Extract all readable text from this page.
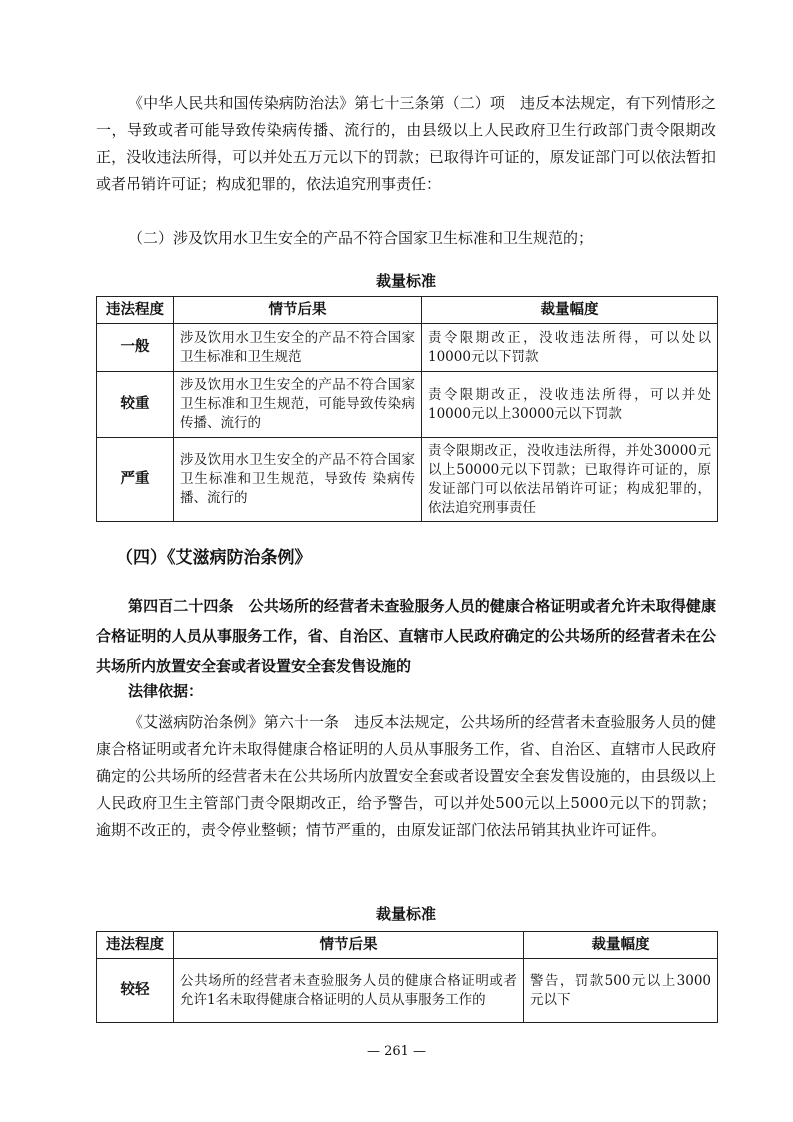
《中华人民共和国传染病防治法》第七十三条第（二）项　违反本法规定，有下列情形之一，导致或者可能导致传染病传播、流行的，由县级以上人民政府卫生行政部门责令限期改正，没收违法所得，可以并处五万元以下的罚款；已取得许可证的，原发证部门可以依法暂扣或者吊销许可证；构成犯罪的，依法追究刑事责任：

（二）涉及饮用水卫生安全的产品不符合国家卫生标准和卫生规范的；

裁量标准
违法程度	情节后果	裁量幅度
一般	涉及饮用水卫生安全的产品不符合国家卫生标准和卫生规范	责令限期改正，没收违法所得，可以处以10000元以下罚款
较重	涉及饮用水卫生安全的产品不符合国家卫生标准和卫生规范，可能导致传染病传播、流行的	责令限期改正，没收违法所得，可以并处10000元以上30000元以下罚款
严重	涉及饮用水卫生安全的产品不符合国家卫生标准和卫生规范，导致传 染病传播、流行的	责令限期改正，没收违法所得，并处30000元以上50000元以下罚款；已取得许可证的，原发证部门可以依法吊销许可证；构成犯罪的，依法追究刑事责任
（四）《艾滋病防治条例》

第四百二十四条　公共场所的经营者未查验服务人员的健康合格证明或者允许未取得健康合格证明的人员从事服务工作，省、自治区、直辖市人民政府确定的公共场所的经营者未在公共场所内放置安全套或者设置安全套发售设施的

法律依据：

《艾滋病防治条例》第六十一条　违反本法规定，公共场所的经营者未查验服务人员的健康合格证明或者允许未取得健康合格证明的人员从事服务工作，省、自治区、直辖市人民政府确定的公共场所的经营者未在公共场所内放置安全套或者设置安全套发售设施的，由县级以上人民政府卫生主管部门责令限期改正，给予警告，可以并处500元以上5000元以下的罚款；逾期不改正的，责令停业整顿；情节严重的，由原发证部门依法吊销其执业许可证件。

裁量标准
违法程度	情节后果	裁量幅度
较轻	公共场所的经营者未查验服务人员的健康合格证明或者允许1名未取得健康合格证明的人员从事服务工作的	警告，罚款500元以上3000元以下
— 261 —
